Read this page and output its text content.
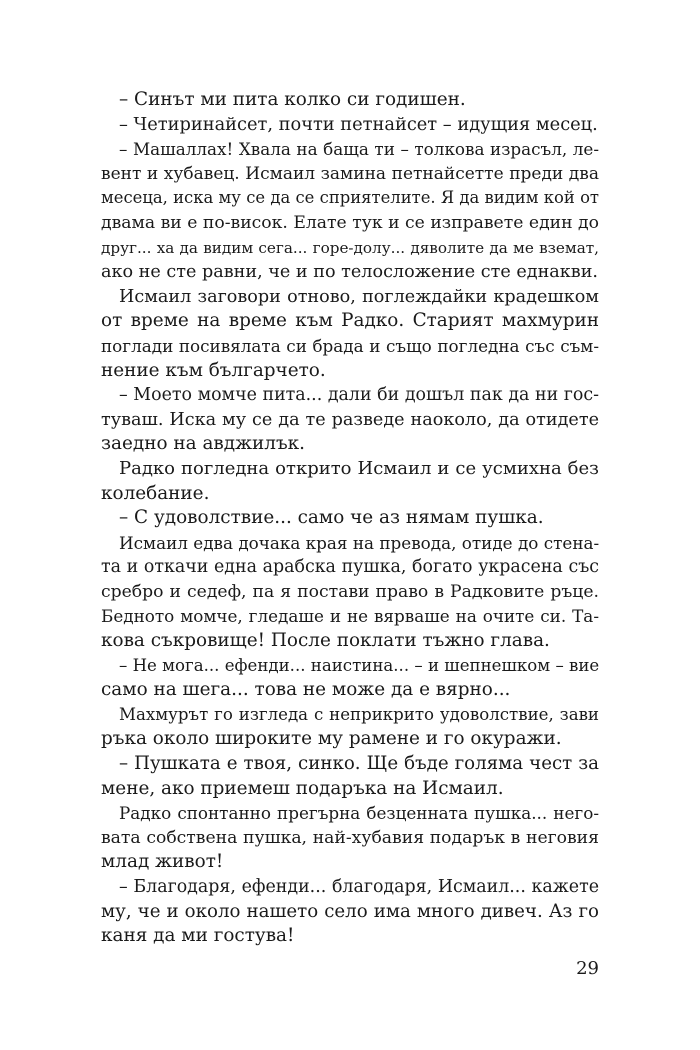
– Синът ми пита колко си годишен.
– Четиринайсет, почти петнайсет – идущия месец.
– Машаллах! Хвала на баща ти – толкова израсъл, ле-
вент и хубавец. Исмаил замина петнайсетте преди два
месеца, иска му се да се сприятелите. Я да видим кой от
двама ви е по-висок. Елате тук и се изправете един до
друг... ха да видим сега... горе-долу... дяволите да ме вземат,
ако не сте равни, че и по телосложение сте еднакви.
Исмаил заговори отново, поглеждайки крадешком
от време на време към Радко. Старият махмурин
поглади посивялата си брада и също погледна със съм-
нение към българчето.
– Моето момче пита... дали би дошъл пак да ни гос-
туваш. Иска му се да те разведе наоколо, да отидете
заедно на авджилък.
Радко погледна открито Исмаил и се усмихна без
колебание.
– С удоволствие... само че аз нямам пушка.
Исмаил едва дочака края на превода, отиде до стена-
та и откачи една арабска пушка, богато украсена със
сребро и седеф, па я постави право в Радковите ръце.
Бедното момче, гледаше и не вярваше на очите си. Та-
кова съкровище! После поклати тъжно глава.
– Не мога... ефенди... наистина... – и шепнешком – вие
само на шега... това не може да е вярно...
Махмурът го изгледа с неприкрито удоволствие, зави
ръка около широките му рамене и го окуражи.
– Пушката е твоя, синко. Ще бъде голяма чест за
мене, ако приемеш подаръка на Исмаил.
Радко спонтанно прегърна безценната пушка... него-
вата собствена пушка, най-хубавия подарък в неговия
млад живот!
– Благодаря, ефенди... благодаря, Исмаил... кажете
му, че и около нашето село има много дивеч. Аз го
каня да ми гостува!
29
